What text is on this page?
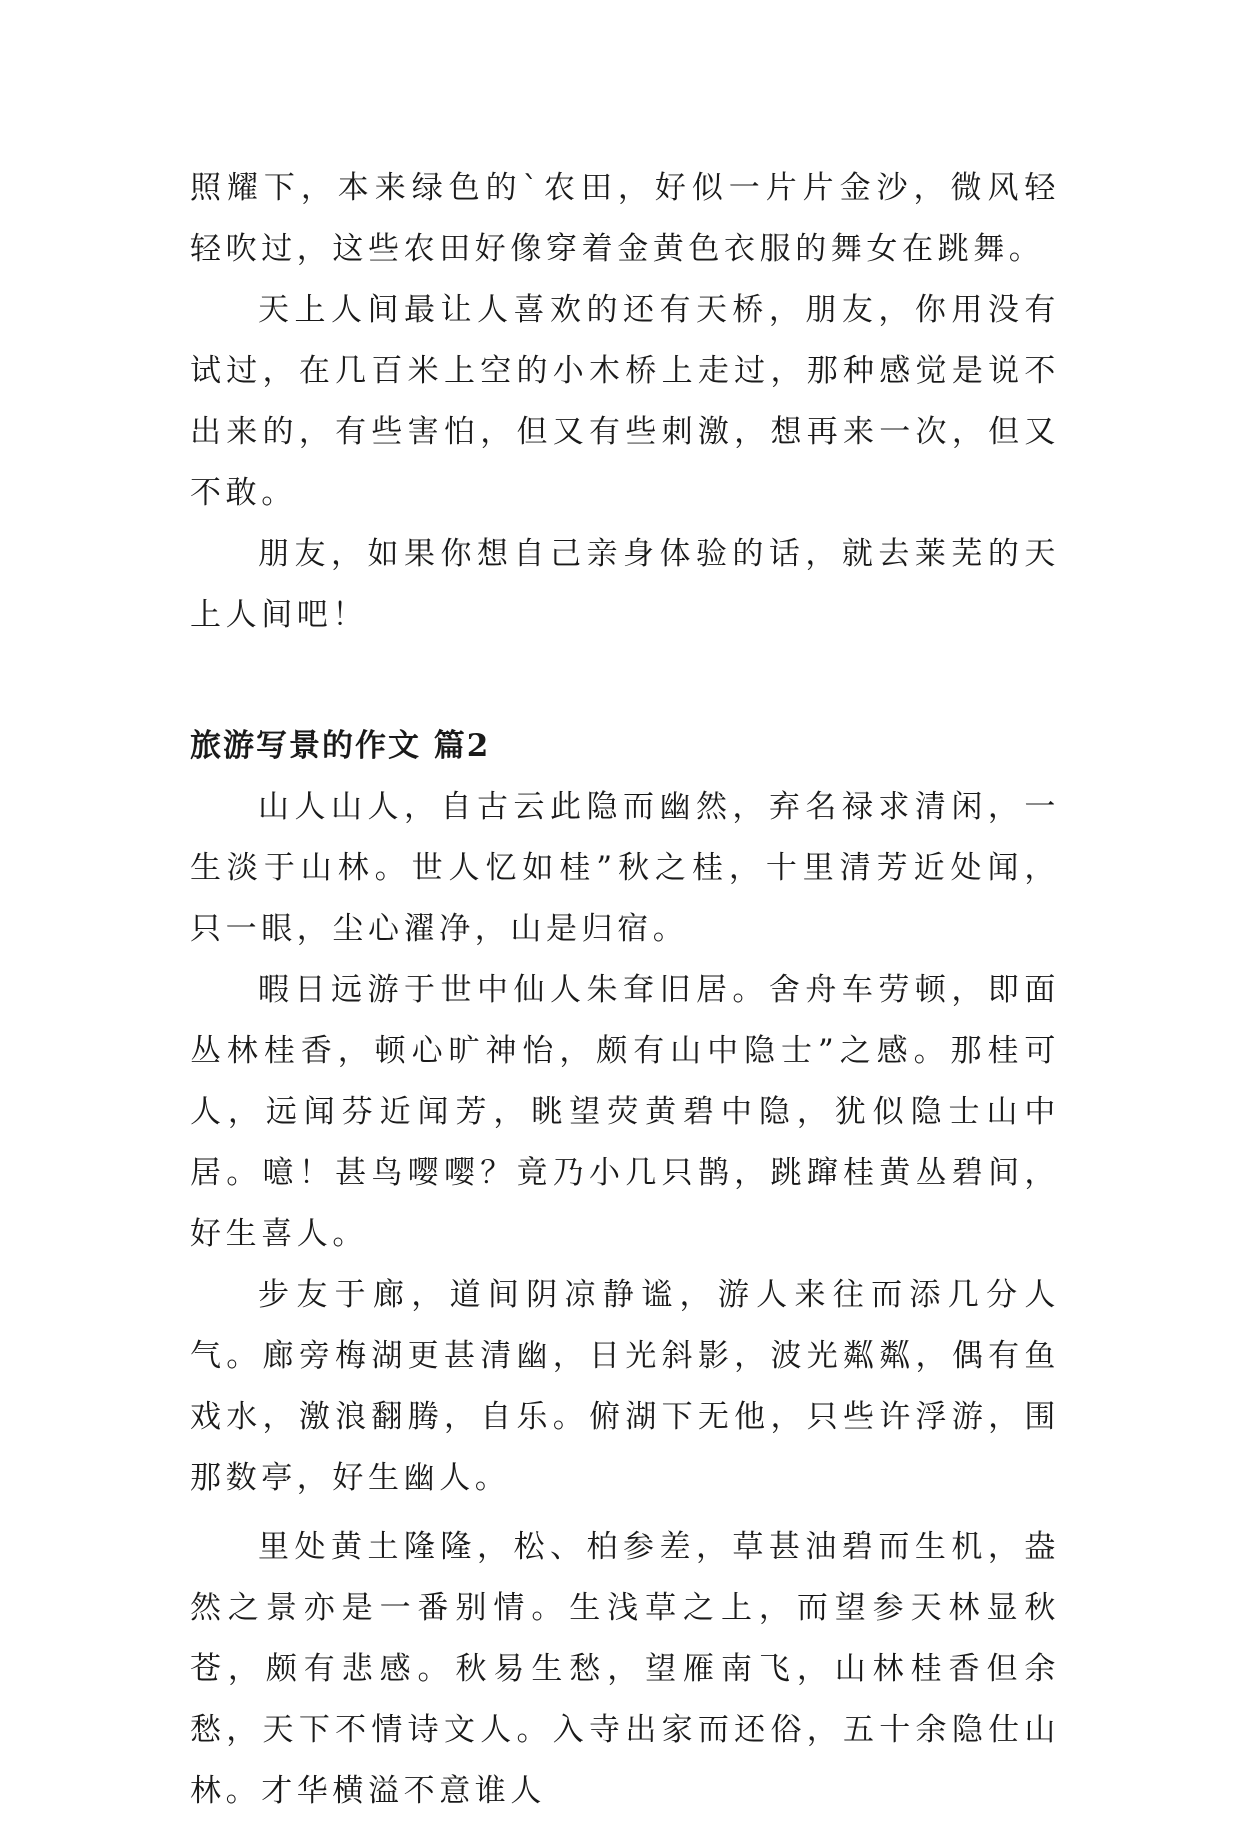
照耀下，本来绿色的`农田，好似一片片金沙，微风轻轻吹过，这些农田好像穿着金黄色衣服的舞女在跳舞。

天上人间最让人喜欢的还有天桥，朋友，你用没有试过，在几百米上空的小木桥上走过，那种感觉是说不出来的，有些害怕，但又有些刺激，想再来一次，但又不敢。

朋友，如果你想自己亲身体验的话，就去莱芜的天上人间吧！

旅游写景的作文 篇2

山人山人，自古云此隐而幽然，弃名禄求清闲，一生淡于山林。世人忆如桂”秋之桂，十里清芳近处闻，只一眼，尘心濯净，山是归宿。

暇日远游于世中仙人朱耷旧居。舍舟车劳顿，即面丛林桂香，顿心旷神怡，颇有山中隐士”之感。那桂可人，远闻芬近闻芳，眺望荧黄碧中隐，犹似隐士山中居。噫！甚鸟嘤嘤？竟乃小几只鹊，跳蹿桂黄丛碧间，好生喜人。

步友于廊，道间阴凉静谧，游人来往而添几分人气。廊旁梅湖更甚清幽，日光斜影，波光粼粼，偶有鱼戏水，激浪翻腾，自乐。俯湖下无他，只些许浮游，围那数亭，好生幽人。

里处黄土隆隆，松、柏参差，草甚油碧而生机，盎然之景亦是一番别情。生浅草之上，而望参天林显秋苍，颇有悲感。秋易生愁，望雁南飞，山林桂香但余愁，天下不情诗文人。入寺出家而还俗，五十余隐仕山林。才华横溢不意谁人
